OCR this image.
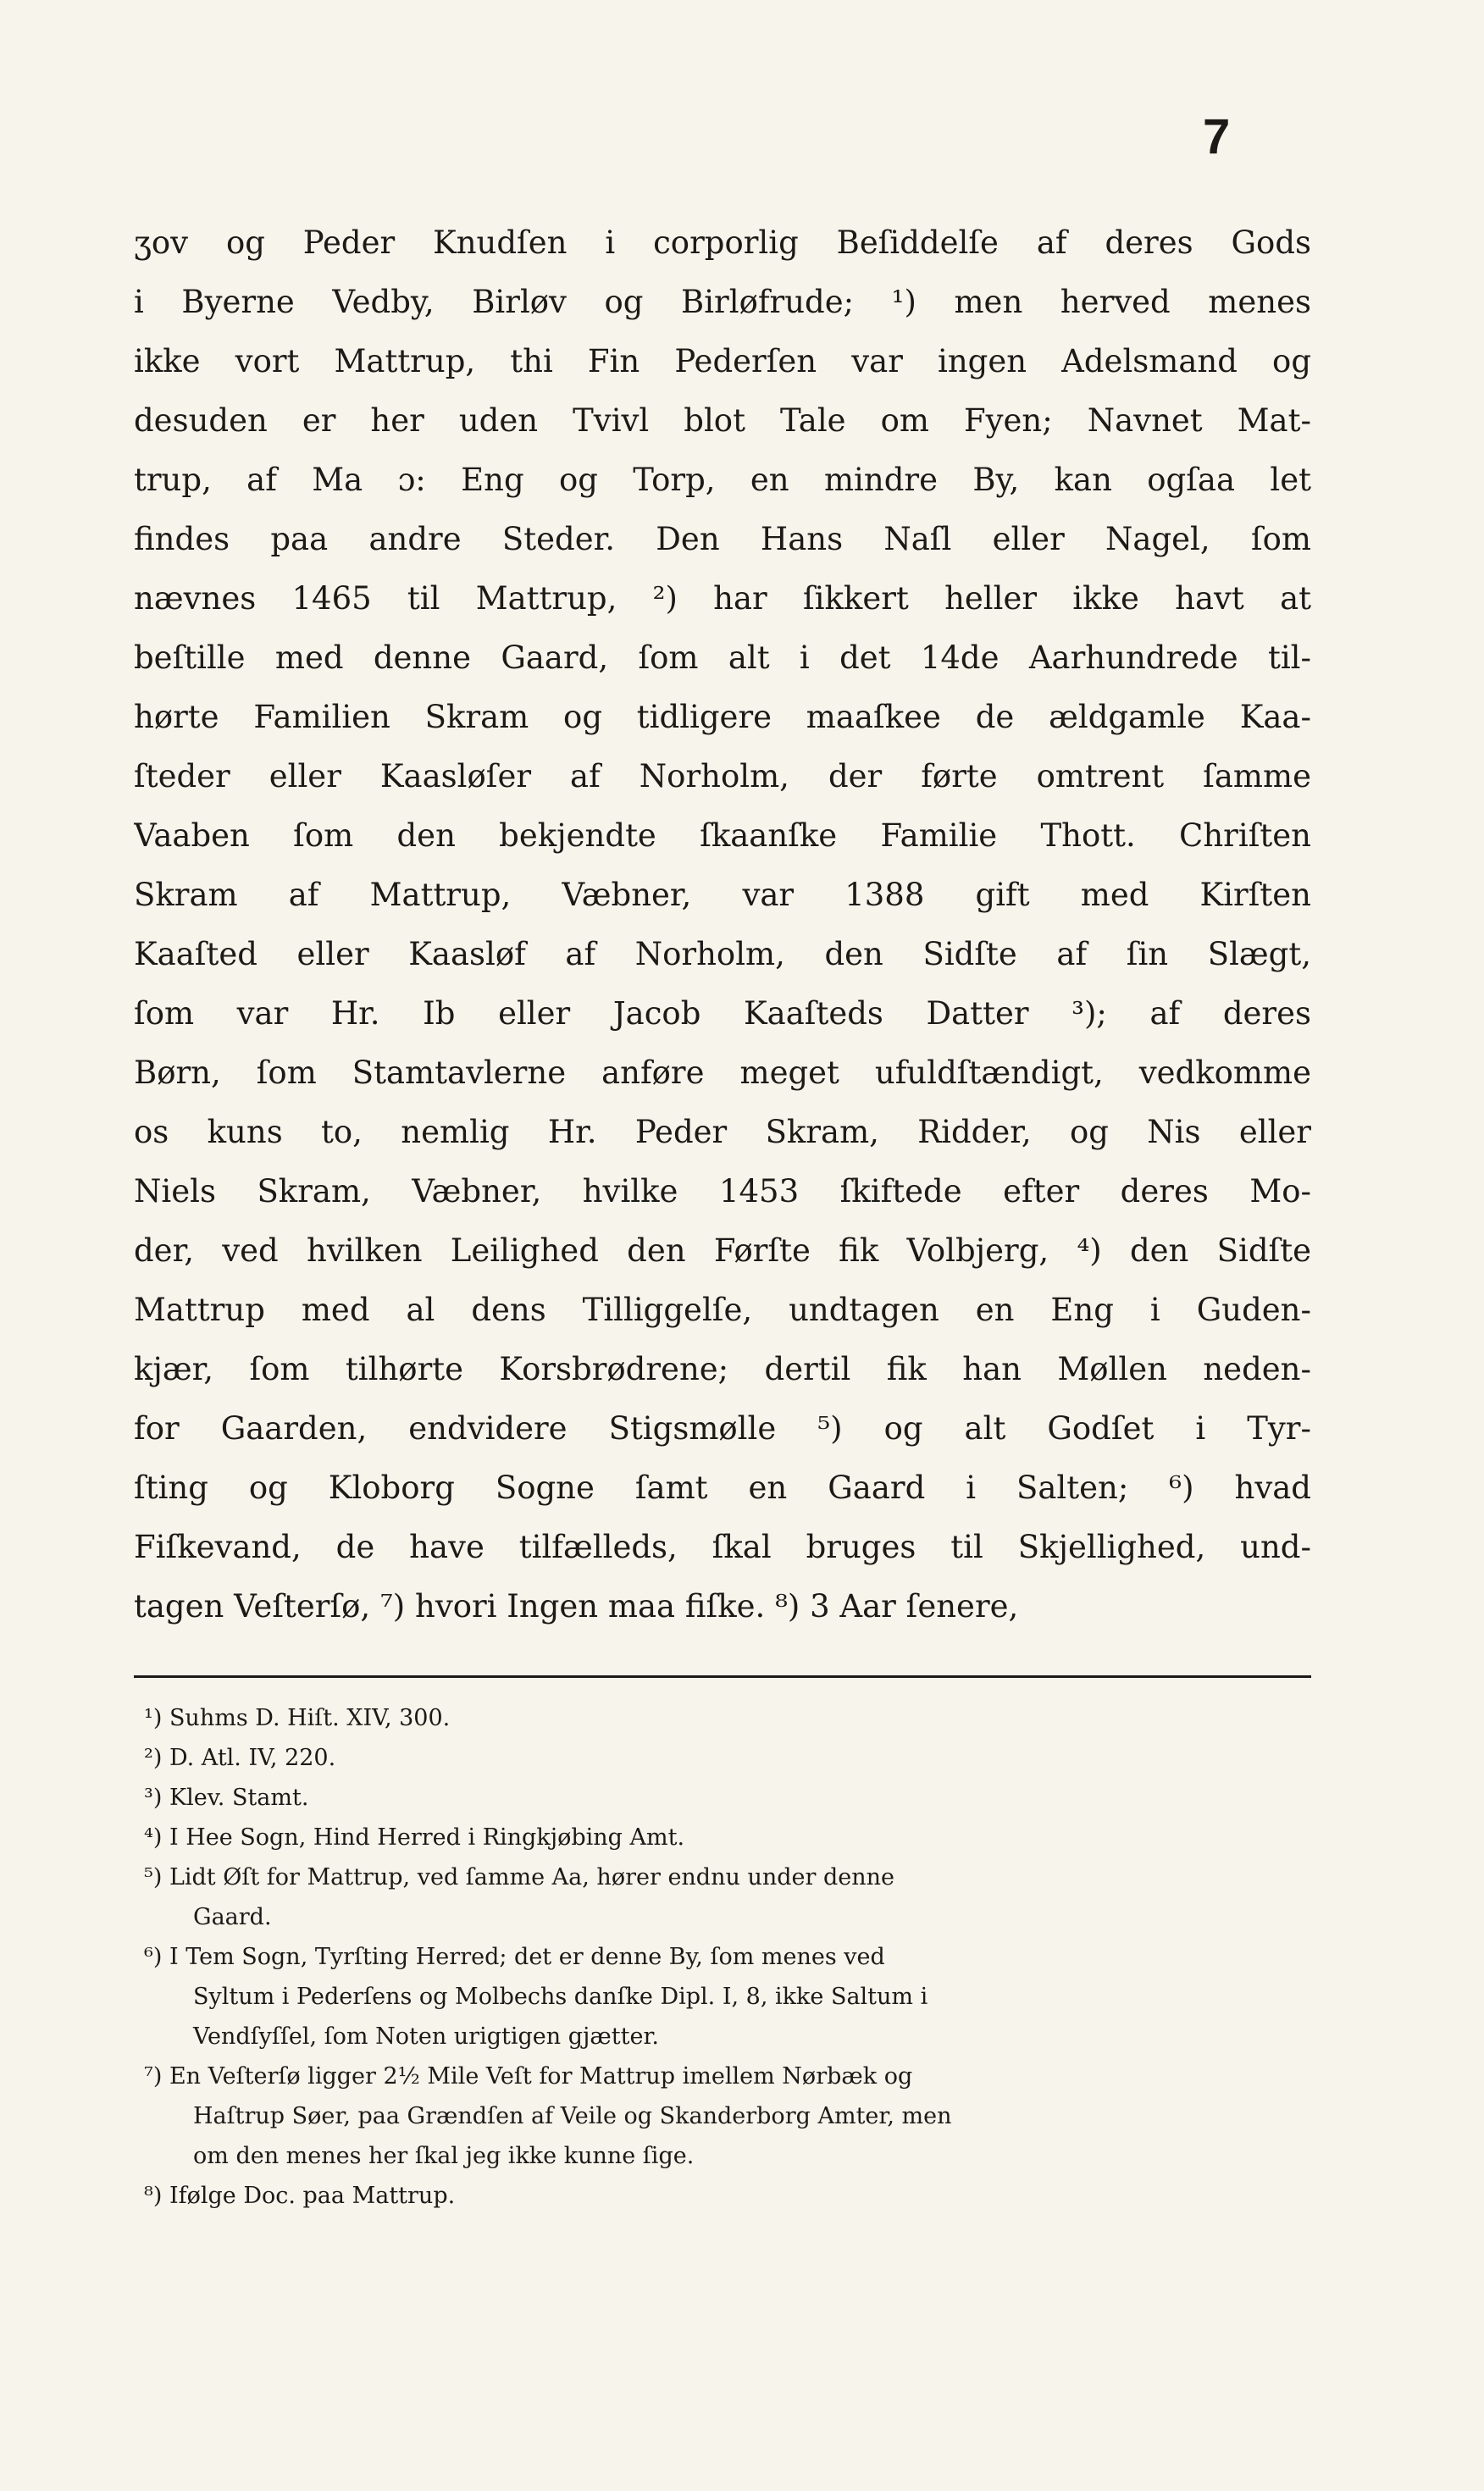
7
ʒov og Peder Knudſen i corporlig Beſiddelſe af deres Gods
i Byerne Vedby, Birløv og Birløfrude; ¹) men herved menes
ikke vort Mattrup, thi Fin Pederſen var ingen Adelsmand og
desuden er her uden Tvivl blot Tale om Fyen; Navnet Mat-
trup, af Ma ɔ: Eng og Torp, en mindre By, kan ogſaa let
findes paa andre Steder. Den Hans Naſl eller Nagel, ſom
nævnes 1465 til Mattrup, ²) har ſikkert heller ikke havt at
beſtille med denne Gaard, ſom alt i det 14de Aarhundrede til-
hørte Familien Skram og tidligere maaſkee de ældgamle Kaa-
ſteder eller Kaasløſer af Norholm, der førte omtrent ſamme
Vaaben ſom den bekjendte ſkaanſke Familie Thott. Chriſten
Skram af Mattrup, Væbner, var 1388 gift med Kirſten
Kaaſted eller Kaasløf af Norholm, den Sidſte af ſin Slægt,
ſom var Hr. Ib eller Jacob Kaaſteds Datter ³); af deres
Børn, ſom Stamtavlerne anføre meget ufuldſtændigt, vedkomme
os kuns to, nemlig Hr. Peder Skram, Ridder, og Nis eller
Niels Skram, Væbner, hvilke 1453 ſkiftede efter deres Mo-
der, ved hvilken Leilighed den Førſte fik Volbjerg, ⁴) den Sidſte
Mattrup med al dens Tilliggelſe, undtagen en Eng i Guden-
kjær, ſom tilhørte Korsbrødrene; dertil fik han Møllen neden-
for Gaarden, endvidere Stigsmølle ⁵) og alt Godſet i Tyr-
ſting og Kloborg Sogne ſamt en Gaard i Salten; ⁶) hvad
Fiſkevand, de have tilfælleds, ſkal bruges til Skjellighed, und-
tagen Veſterſø, ⁷) hvori Ingen maa fiſke. ⁸) 3 Aar ſenere,
¹) Suhms D. Hiſt. XIV, 300.
²) D. Atl. IV, 220.
³) Klev. Stamt.
⁴) I Hee Sogn, Hind Herred i Ringkjøbing Amt.
⁵) Lidt Øſt for Mattrup, ved ſamme Aa, hører endnu under denne
Gaard.
⁶) I Tem Sogn, Tyrſting Herred; det er denne By, ſom menes ved
Syltum i Pederſens og Molbechs danſke Dipl. I, 8, ikke Saltum i
Vendſyſſel, ſom Noten urigtigen gjætter.
⁷) En Veſterſø ligger 2½ Mile Veſt for Mattrup imellem Nørbæk og
Haſtrup Søer, paa Grændſen af Veile og Skanderborg Amter, men
om den menes her ſkal jeg ikke kunne ſige.
⁸) Ifølge Doc. paa Mattrup.
